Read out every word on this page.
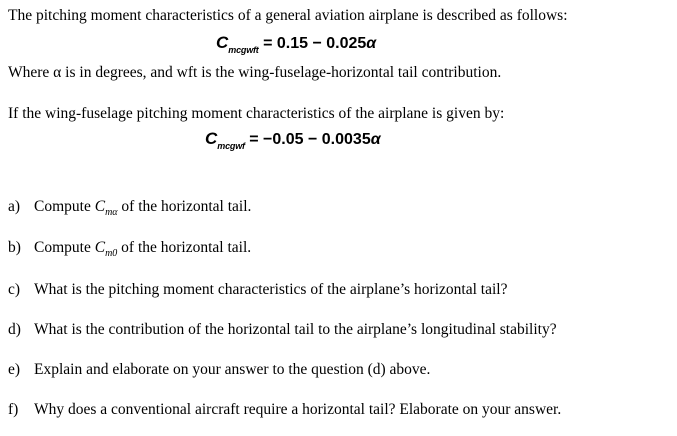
The pitching moment characteristics of a general aviation airplane is described as follows:
$C_{mcgwft} = 0.15 - 0.025\alpha$
Where α is in degrees, and wft is the wing-fuselage-horizontal tail contribution.
If the wing-fuselage pitching moment characteristics of the airplane is given by:
$C_{mcgwf} = -0.05 - 0.0035\alpha$
a) Compute $C_{m\alpha}$ of the horizontal tail.
b) Compute $C_{m0}$ of the horizontal tail.
c) What is the pitching moment characteristics of the airplane’s horizontal tail?
d) What is the contribution of the horizontal tail to the airplane’s longitudinal stability?
e) Explain and elaborate on your answer to the question (d) above.
f) Why does a conventional aircraft require a horizontal tail? Elaborate on your answer.
